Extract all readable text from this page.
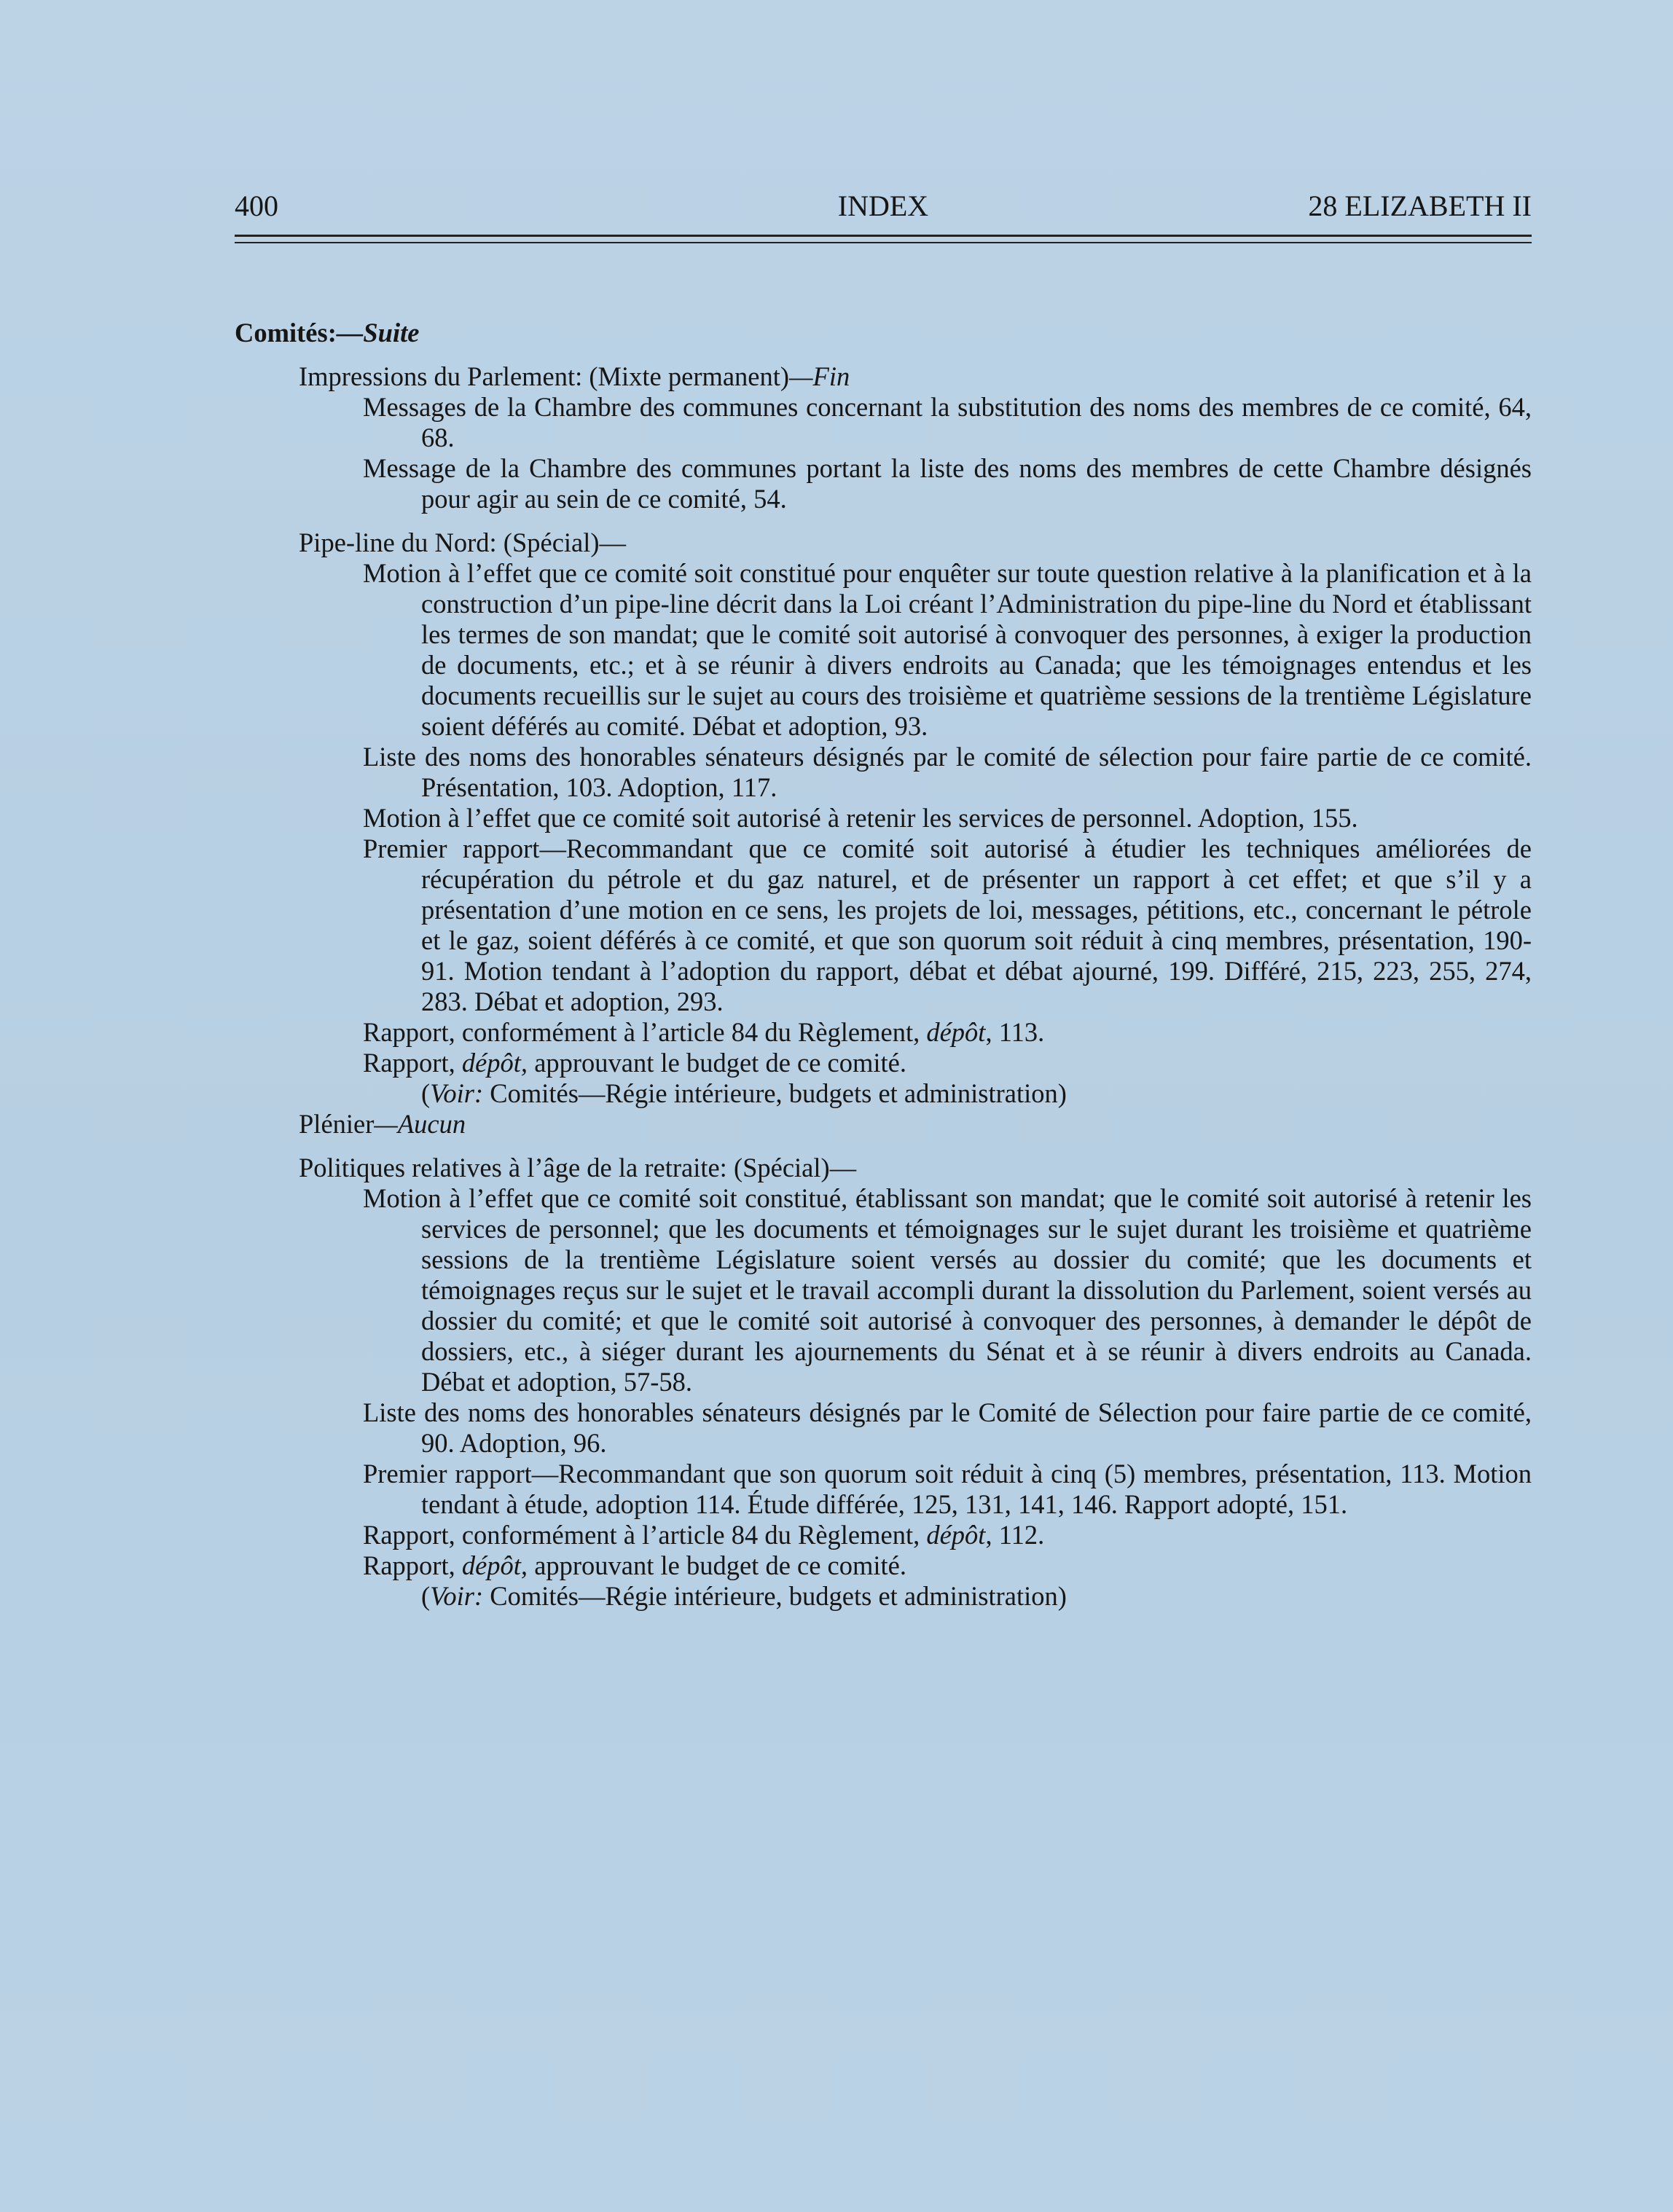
400	INDEX	28 ELIZABETH II
Comités:—Suite
Impressions du Parlement: (Mixte permanent)—Fin
Messages de la Chambre des communes concernant la substitution des noms des membres de ce comité, 64, 68.
Message de la Chambre des communes portant la liste des noms des membres de cette Chambre désignés pour agir au sein de ce comité, 54.
Pipe-line du Nord: (Spécial)—
Motion à l’effet que ce comité soit constitué pour enquêter sur toute question relative à la planification et à la construction d’un pipe-line décrit dans la Loi créant l’Administration du pipe-line du Nord et établissant les termes de son mandat; que le comité soit autorisé à convoquer des personnes, à exiger la production de documents, etc.; et à se réunir à divers endroits au Canada; que les témoignages entendus et les documents recueillis sur le sujet au cours des troisième et quatrième sessions de la trentième Législature soient déférés au comité. Débat et adoption, 93.
Liste des noms des honorables sénateurs désignés par le comité de sélection pour faire partie de ce comité. Présentation, 103. Adoption, 117.
Motion à l’effet que ce comité soit autorisé à retenir les services de personnel. Adoption, 155.
Premier rapport—Recommandant que ce comité soit autorisé à étudier les techniques améliorées de récupération du pétrole et du gaz naturel, et de présenter un rapport à cet effet; et que s’il y a présentation d’une motion en ce sens, les projets de loi, messages, pétitions, etc., concernant le pétrole et le gaz, soient déférés à ce comité, et que son quorum soit réduit à cinq membres, présentation, 190-91. Motion tendant à l’adoption du rapport, débat et débat ajourné, 199. Différé, 215, 223, 255, 274, 283. Débat et adoption, 293.
Rapport, conformément à l’article 84 du Règlement, dépôt, 113.
Rapport, dépôt, approuvant le budget de ce comité.
(Voir: Comités—Régie intérieure, budgets et administration)
Plénier—Aucun
Politiques relatives à l’âge de la retraite: (Spécial)—
Motion à l’effet que ce comité soit constitué, établissant son mandat; que le comité soit autorisé à retenir les services de personnel; que les documents et témoignages sur le sujet durant les troisième et quatrième sessions de la trentième Législature soient versés au dossier du comité; que les documents et témoignages reçus sur le sujet et le travail accompli durant la dissolution du Parlement, soient versés au dossier du comité; et que le comité soit autorisé à convoquer des personnes, à demander le dépôt de dossiers, etc., à siéger durant les ajournements du Sénat et à se réunir à divers endroits au Canada. Débat et adoption, 57-58.
Liste des noms des honorables sénateurs désignés par le Comité de Sélection pour faire partie de ce comité, 90. Adoption, 96.
Premier rapport—Recommandant que son quorum soit réduit à cinq (5) membres, présentation, 113. Motion tendant à étude, adoption 114. Étude différée, 125, 131, 141, 146. Rapport adopté, 151.
Rapport, conformément à l’article 84 du Règlement, dépôt, 112.
Rapport, dépôt, approuvant le budget de ce comité.
(Voir: Comités—Régie intérieure, budgets et administration)
